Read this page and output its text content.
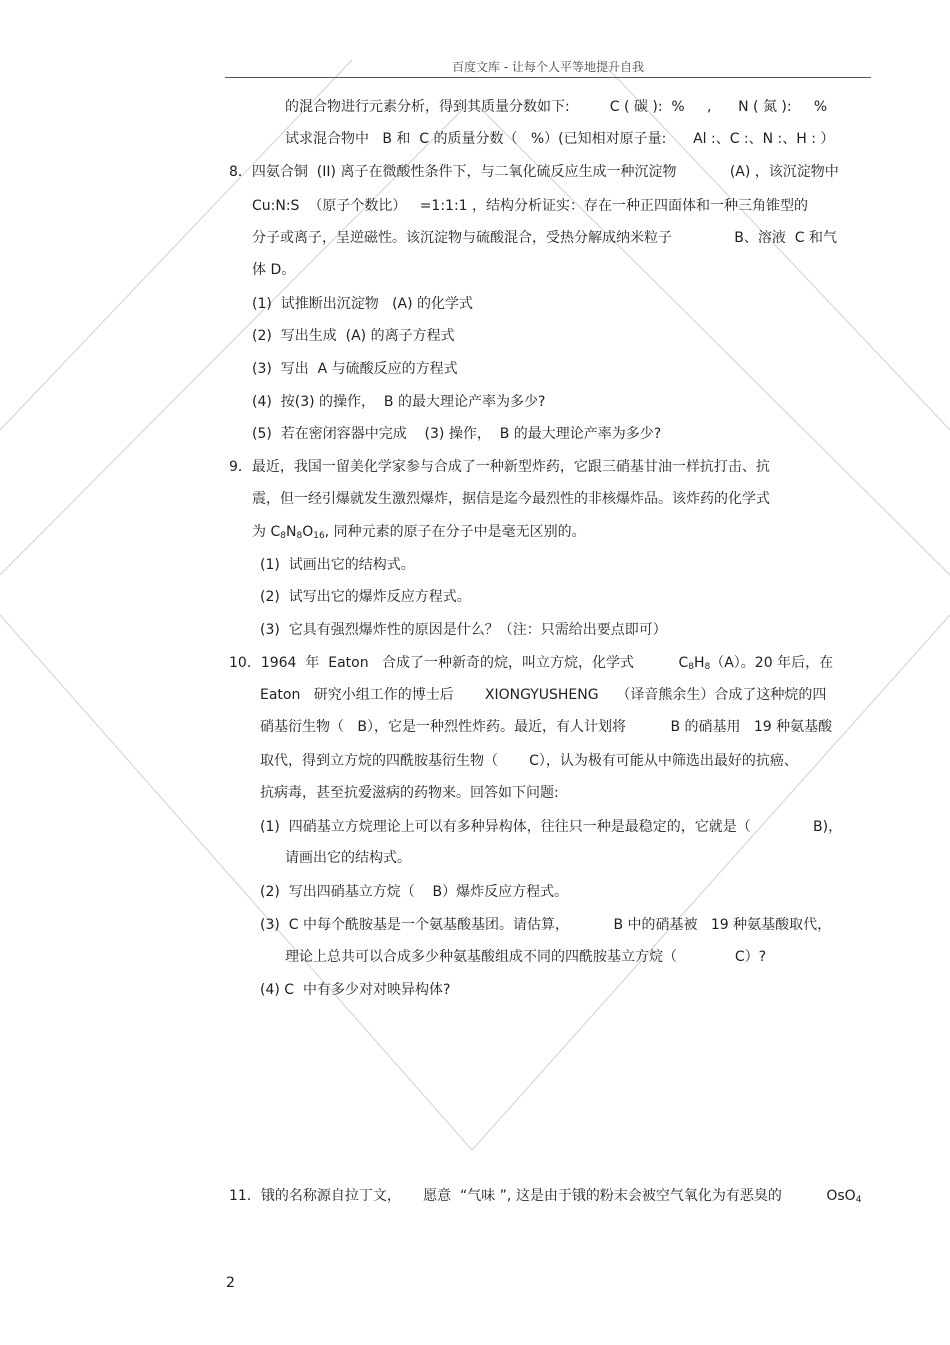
百度文库 - 让每个人平等地提升自我
的混合物进行元素分析，得到其质量分数如下:         C ( 碳 ):  %     ,      N ( 氮 ):     %
试求混合物中   B 和  C 的质量分数（   %）(已知相对原子量:      Al :、C :、N :、H : ）
8．四氨合铜  (II) 离子在微酸性条件下，与二氧化硫反应生成一种沉淀物            (A) ，该沉淀物中
Cu:N:S  （原子个数比）   =1:1:1 ，结构分析证实：存在一种正四面体和一种三角锥型的
分子或离子，呈逆磁性。该沉淀物与硫酸混合，受热分解成纳米粒子              B、溶液  C 和气
体 D。
(1)  试推断出沉淀物   (A) 的化学式
(2)  写出生成  (A) 的离子方程式
(3)  写出  A 与硫酸反应的方程式
(4)  按(3) 的操作，  B 的最大理论产率为多少?
(5)  若在密闭容器中完成    (3) 操作，  B 的最大理论产率为多少?
9．最近，我国一留美化学家参与合成了一种新型炸药，它跟三硝基甘油一样抗打击、抗
震，但一经引爆就发生激烈爆炸，据信是迄今最烈性的非核爆炸品。该炸药的化学式
为 $C_8N_8O_{16}$, 同种元素的原子在分子中是毫无区别的。
(1)  试画出它的结构式。
(2)  试写出它的爆炸反应方程式。
(3)  它具有强烈爆炸性的原因是什么？（注：只需给出要点即可）
10．1964  年  Eaton   合成了一种新奇的烷，叫立方烷，化学式          $C_8H_8(A)$。20 年后，在
Eaton   研究小组工作的博士后       XIONGYUSHENG    （译音熊余生）合成了这种烷的四
硝基衍生物（   B），它是一种烈性炸药。最近，有人计划将          B 的硝基用   19 种氨基酸
取代，得到立方烷的四酰胺基衍生物（       C），认为极有可能从中筛选出最好的抗癌、
抗病毒，甚至抗爱滋病的药物来。回答如下问题:
(1)  四硝基立方烷理论上可以有多种异构体，往往只一种是最稳定的，它就是（              B)，
请画出它的结构式。
(2)  写出四硝基立方烷（    B）爆炸反应方程式。
(3)  C 中每个酰胺基是一个氨基酸基团。请估算，          B 中的硝基被   19 种氨基酸取代，
理论上总共可以合成多少种氨基酸组成不同的四酰胺基立方烷（             C）?
(4) C  中有多少对对映异构体?
11．锇的名称源自拉丁文，     愿意  “气味 ”, 这是由于锇的粉末会被空气氧化为有恶臭的	OsO$_4$
2
